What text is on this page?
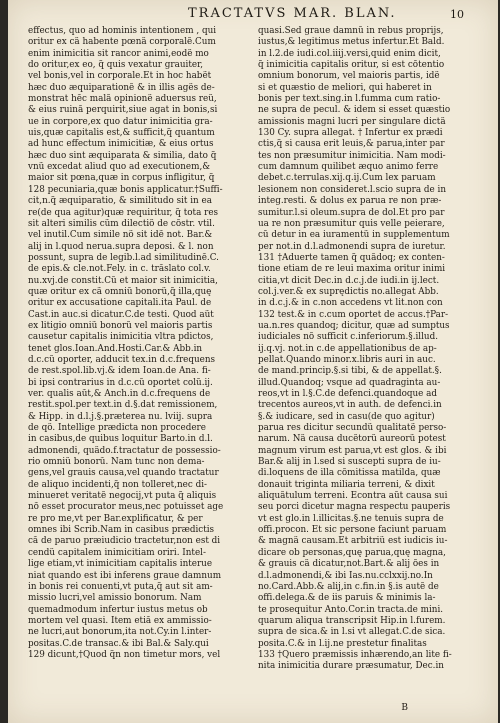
TRACTATVS MAR. BLAN.	10
effectus, quo ad hominis intentionem , qui
oritur ex cã habente pœnã corporalẽ.Cum
enim inimicitia sit rancor animi,eodẽ mo
do oritur,ex eo, q̃ quis vexatur grauiter,
vel bonis,vel in corporale.Et in hoc habẽt
hæc duo æquiparationẽ & in illis agẽs de-
monstrat hẽc malã opinionẽ aduersus reũ,
& eius ruinã perquirit,siue agat in bonis,si
ue in corpore,ex quo datur inimicitia gra-
uis,quæ capitalis est,& sufficit,q̃ quantum
ad hunc effectum inimicitiæ, & eius ortus
hæc duo sint æquiparata & similia, dato q̃
vnũ excedat aliud quo ad executionem,&
maior sit pœna,quæ in corpus infligitur, q̃
128 pecuniaria,quæ bonis applicatur.†Suffi-
cit,n.q̃ æquiparatio, & similitudo sit in ea
re(de qua agitur)quæ requiritur, q̃ tota res
sit alteri similis cũm dilectiõ de cõstr. vtil.
vel inutil.Cum simile nõ sit idẽ not. Bar.&
alij in l.quod nerua.supra deposi. & l. non
possunt, supra de legib.l.ad similitudinẽ.C.
de epis.& cle.not.Fely. in c. trãslato col.v.
nu.xvj.de constit.Cũ et maior sit inimicitia,
quæ oritur ex cã omniũ bonorũ,q̃ illa,quę
oritur ex accusatione capitali.ita Paul. de
Cast.in auc.si dicatur.C.de testi. Quod aũt
ex litigio omniũ bonorũ vel maioris partis
causetur capitalis inimicitia vltra pdictos,
tenet glos.Ioan.And.Hosti.Car.& Abb.in
d.c.cũ oporter, adducit tex.in d.c.frequens
de rest.spol.lib.vj.& idem Ioan.de Ana. fi-
bi ipsi contrarius in d.c.cũ oportet colũ.ij.
ver. qualis aũt,& Anch.in d.c.frequens de
restit.spol.per text.in d.§.dat remissionem,
& Hipp. in d.l.j.§.præterea nu. lviij. supra
de qõ. Intellige prædicta non procedere
in casibus,de quibus loquitur Barto.in d.l.
admonendi, quãdo.f.tractatur de possessio-
rio omniũ bonorũ. Nam tunc non dema-
gens,vel grauis causa,vel quando tractatur
de aliquo incidenti,q̃ non tolleret,nec di-
minueret veritatẽ negocij,vt puta q̃ aliquis
nõ esset procurator meus,nec potuisset age
re pro me,vt per Bar.explificatur, & per
omnes ibi Scrib.Nam in casibus prædictis
cã de paruo præiudicio tractetur,non est di
cendũ capitalem inimicitiam oriri. Intel-
lige etiam,vt inimicitiam capitalis interue
niat quando est ibi inferens graue damnum
in bonis rei conuenti,vt puta,q̃ aut sit am-
missio lucri,vel amissio bonorum. Nam
quemadmodum infertur iustus metus ob
mortem vel quasi. Item etiã ex ammissio-
ne lucri,aut bonorum,ita not.Cy.in l.inter-
positas.C.de transac.& ibi Bal.& Saly.qui
129 dicunt,†Quod q̃n non timetur mors, vel
quasi.Sed graue damnũ in rebus proprijs,
iustus,& legitimus metus infertur.Et Bald.
in l.2.de iudi.col.iiij.versi,quid enim dicit,
q̃ inimicitia capitalis oritur, si est cõtentio
omnium bonorum, vel maioris partis, idẽ
si et quæstio de meliori, qui haberet in
bonis per text.sing.in l.fumma cum ratio-
ne supra de pecul. & idem si esset quæstio
amissionis magni lucri per singulare dictã
130 Cy. supra allegat. † Infertur ex prædi
ctis,q̃ si causa erit leuis,& parua,inter par
tes non præsumitur inimicitia. Nam modi-
cum damnum quilibet æquo animo ferre
debet.c.terrulas.xij.q.ij.Cum lex paruam
lesionem non consideret.l.scio supra de in
integ.resti. & dolus ex parua re non præ-
sumitur.l.si oleum.supra de dol.Et pro par
ua re non præsumitur quis velle peierare,
cũ detur in ea iuramentũ in supplementum
per not.in d.l.admonendi supra de iuretur.
131 †Aduerte tamen q̃ quãdoq; ex conten-
tione etiam de re leui maxima oritur inimi
citia,vt dicit Dec.in d.c.j.de iudi.in ij.lect.
col.j.ver.& ex suprędictis no.allegat Abb.
in d.c.j.& in c.non accedens vt lit.non con
132 test.& in c.cum oportet de accus.†Par-
ua.n.res quandoq; dicitur, quæ ad sumptus
iudiciales nõ sufficit c.inferiorum.§.illud.
ij.q.vj. not.in c.de appellationibus de ap-
pellat.Quando minor.x.libris auri in auc.
de mand.princip.§.si tibi, & de appellat.§.
illud.Quandoq; vsque ad quadraginta au-
reos,vt in l.§.C.de defenci.quandoque ad
trecentos aureos,vt in auth. de defenci.in
§.& iudicare, sed in casu(de quo agitur)
parua res dicitur secundũ qualitatẽ perso-
narum. Nã causa ducẽtorũ aureorũ potest
magnum virum est parua,vt est glos. & ibi
Bar.& alij in l.sed si suscepti supra de iu-
di.loquens de illa cõmitissa matilda, quæ
donauit triginta miliaria terreni, & dixit
aliquãtulum terreni. Econtra aũt causa sui
seu porci dicetur magna respectu pauperis
vt est glo.in l.illicitas.§.ne tenuis supra de
offi.procon. Et sic persone faciunt paruam
& magnã causam.Et arbitriũ est iudicis iu-
dicare ob personas,quę parua,quę magna,
& grauis cã dicatur,not.Bart.& alij ões in
d.l.admonendi,& ibi Ias.nu.cclxxij.no.In
no.Card.Abb.& alij,in c.fin.in §.is autẽ de
offi.delega.& de iis paruis & minimis la-
te prosequitur Anto.Cor.in tracta.de mini.
quarum aliqua transcripsit Hip.in l.furem.
supra de sica.& in l.si vt allegat.C.de sica.
posita.C.& in l.ij.ne prestetur finalitas
133 †Quero præmissis inhærendo,an lite fi-
nita inimicitia durare præsumatur, Dec.in
B
